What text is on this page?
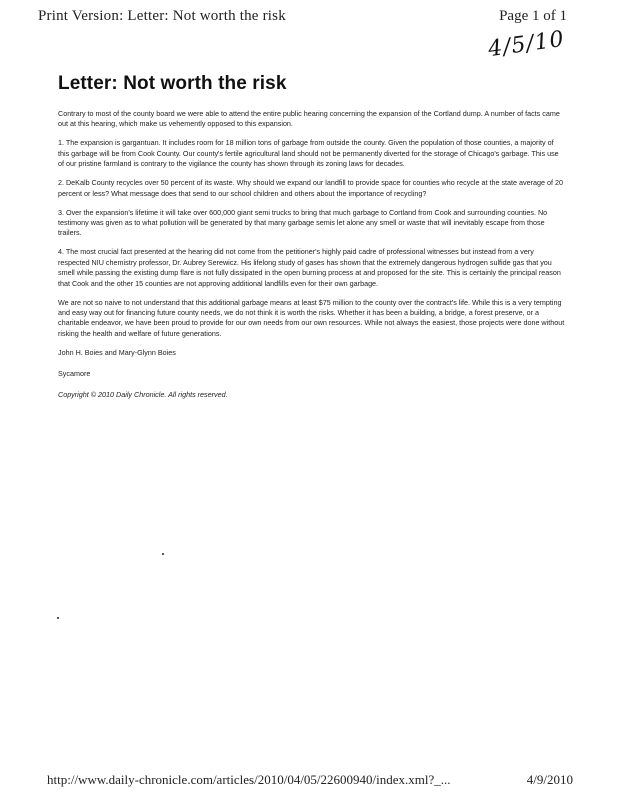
Print Version: Letter: Not worth the risk	Page 1 of 1
4/5/10
Letter: Not worth the risk

Contrary to most of the county board we were able to attend the entire public hearing concerning the expansion of the Cortland dump. A number of facts came out at this hearing, which make us vehemently opposed to this expansion.

1. The expansion is gargantuan. It includes room for 18 million tons of garbage from outside the county. Given the population of those counties, a majority of this garbage will be from Cook County. Our county's fertile agricultural land should not be permanently diverted for the storage of Chicago's garbage. This use of our pristine farmland is contrary to the vigilance the county has shown through its zoning laws for decades.

2. DeKalb County recycles over 50 percent of its waste. Why should we expand our landfill to provide space for counties who recycle at the state average of 20 percent or less? What message does that send to our school children and others about the importance of recycling?

3. Over the expansion's lifetime it will take over 600,000 giant semi trucks to bring that much garbage to Cortland from Cook and surrounding counties. No testimony was given as to what pollution will be generated by that many garbage semis let alone any smell or waste that will inevitably escape from those trailers.

4. The most crucial fact presented at the hearing did not come from the petitioner's highly paid cadre of professional witnesses but instead from a very respected NIU chemistry professor, Dr. Aubrey Serewicz. His lifelong study of gases has shown that the extremely dangerous hydrogen sulfide gas that you smell while passing the existing dump flare is not fully dissipated in the open burning process at and proposed for the site. This is certainly the principal reason that Cook and the other 15 counties are not approving additional landfills even for their own garbage.

We are not so naive to not understand that this additional garbage means at least $75 million to the county over the contract's life. While this is a very tempting and easy way out for financing future county needs, we do not think it is worth the risks. Whether it has been a building, a bridge, a forest preserve, or a charitable endeavor, we have been proud to provide for our own needs from our own resources. While not always the easiest, those projects were done without risking the health and welfare of future generations.

John H. Boies and Mary-Glynn Boies

Sycamore

Copyright © 2010 Daily Chronicle. All rights reserved.

http://www.daily-chronicle.com/articles/2010/04/05/22600940/index.xml?_...	4/9/2010
